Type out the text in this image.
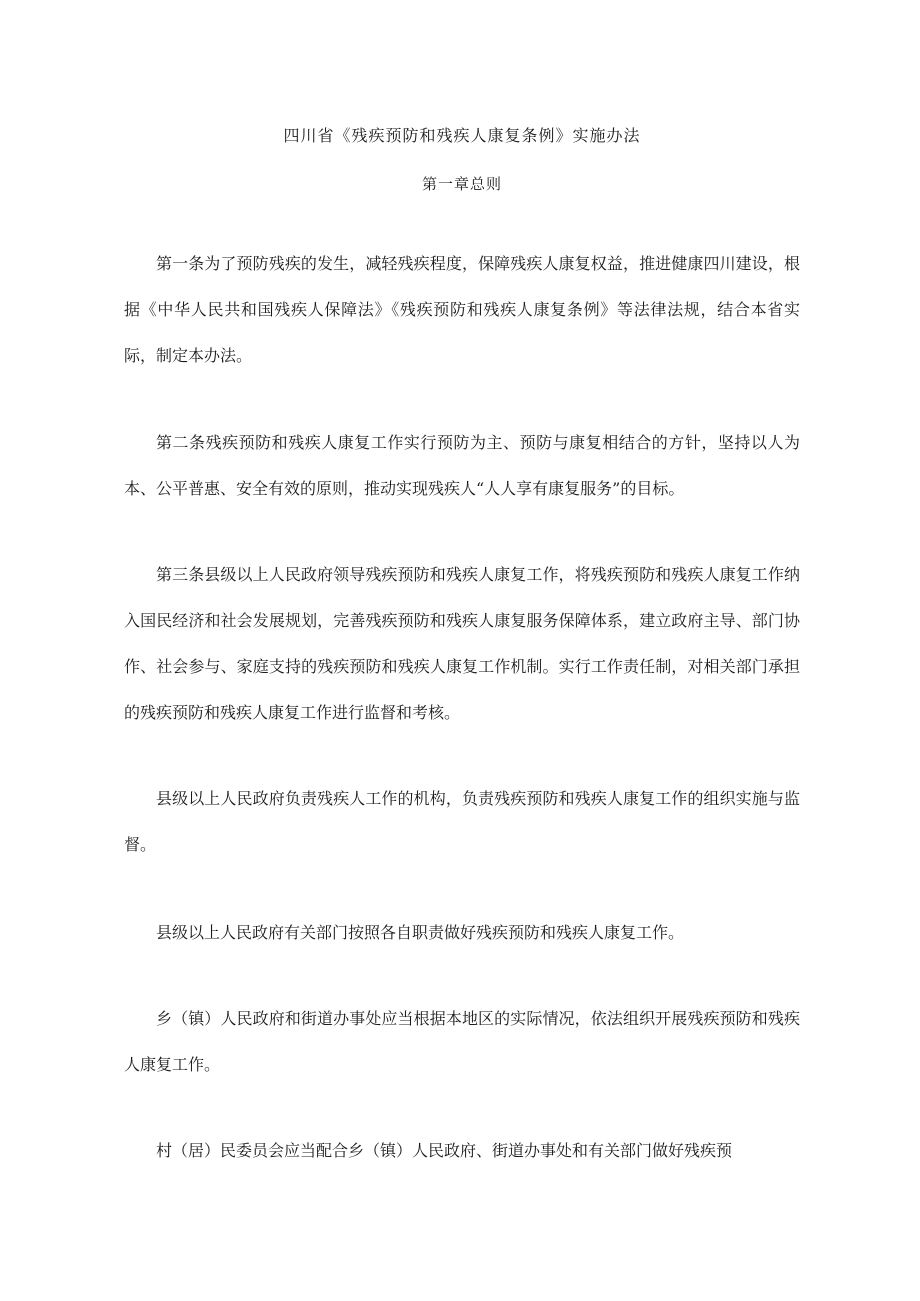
四川省《残疾预防和残疾人康复条例》实施办法
第一章总则

第一条为了预防残疾的发生，减轻残疾程度，保障残疾人康复权益，推进健康四川建设，根据《中华人民共和国残疾人保障法》《残疾预防和残疾人康复条例》等法律法规，结合本省实际，制定本办法。

第二条残疾预防和残疾人康复工作实行预防为主、预防与康复相结合的方针，坚持以人为本、公平普惠、安全有效的原则，推动实现残疾人“人人享有康复服务”的目标。

第三条县级以上人民政府领导残疾预防和残疾人康复工作，将残疾预防和残疾人康复工作纳入国民经济和社会发展规划，完善残疾预防和残疾人康复服务保障体系，建立政府主导、部门协作、社会参与、家庭支持的残疾预防和残疾人康复工作机制。实行工作责任制，对相关部门承担的残疾预防和残疾人康复工作进行监督和考核。

县级以上人民政府负责残疾人工作的机构，负责残疾预防和残疾人康复工作的组织实施与监督。

县级以上人民政府有关部门按照各自职责做好残疾预防和残疾人康复工作。

乡（镇）人民政府和街道办事处应当根据本地区的实际情况，依法组织开展残疾预防和残疾人康复工作。

村（居）民委员会应当配合乡（镇）人民政府、街道办事处和有关部门做好残疾预
